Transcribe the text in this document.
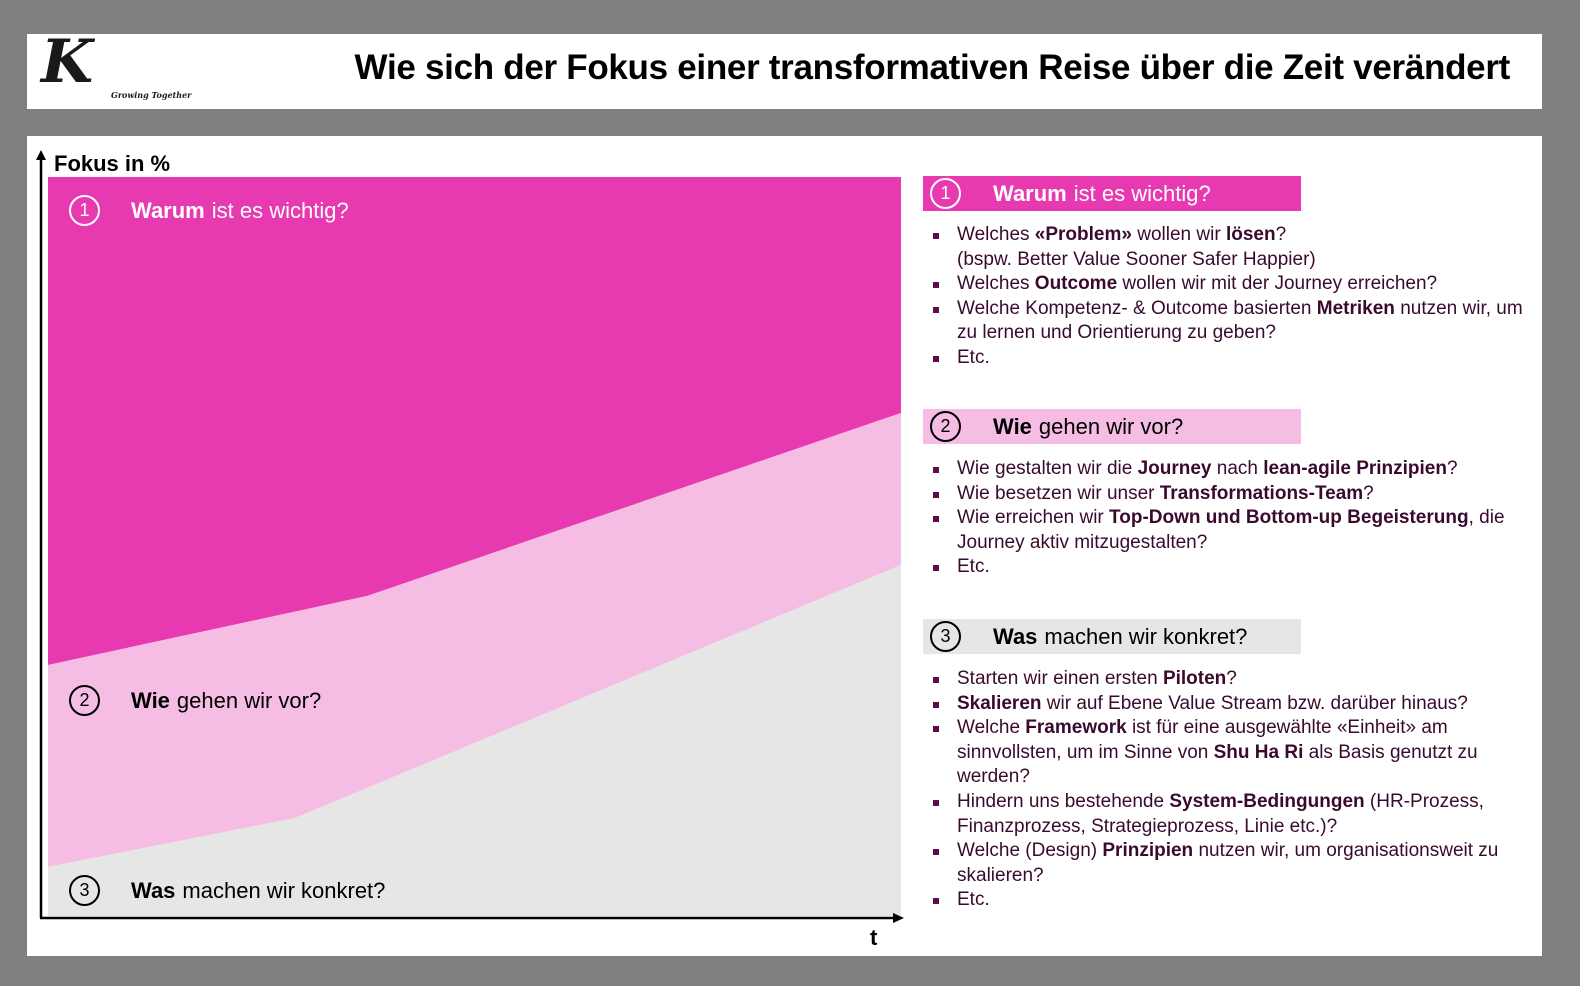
K Growing Together
Wie sich der Fokus einer transformativen Reise über die Zeit verändert
Fokus in %
t
1	Warum ist es wichtig?
2	Wie gehen wir vor?
3	Was machen wir konkret?
1	Warum ist es wichtig?
Welches «Problem» wollen wir lösen?
(bspw. Better Value Sooner Safer Happier)
Welches Outcome wollen wir mit der Journey erreichen?
Welche Kompetenz- & Outcome basierten Metriken nutzen wir, um zu lernen und Orientierung zu geben?
Etc.
2	Wie gehen wir vor?
Wie gestalten wir die Journey nach lean-agile Prinzipien?
Wie besetzen wir unser Transformations-Team?
Wie erreichen wir Top-Down und Bottom-up Begeisterung, die Journey aktiv mitzugestalten?
Etc.
3	Was machen wir konkret?
Starten wir einen ersten Piloten?
Skalieren wir auf Ebene Value Stream bzw. darüber hinaus?
Welche Framework ist für eine ausgewählte «Einheit» am sinnvollsten, um im Sinne von Shu Ha Ri als Basis genutzt zu werden?
Hindern uns bestehende System-Bedingungen (HR-Prozess, Finanzprozess, Strategieprozess, Linie etc.)?
Welche (Design) Prinzipien nutzen wir, um organisationsweit zu skalieren?
Etc.
